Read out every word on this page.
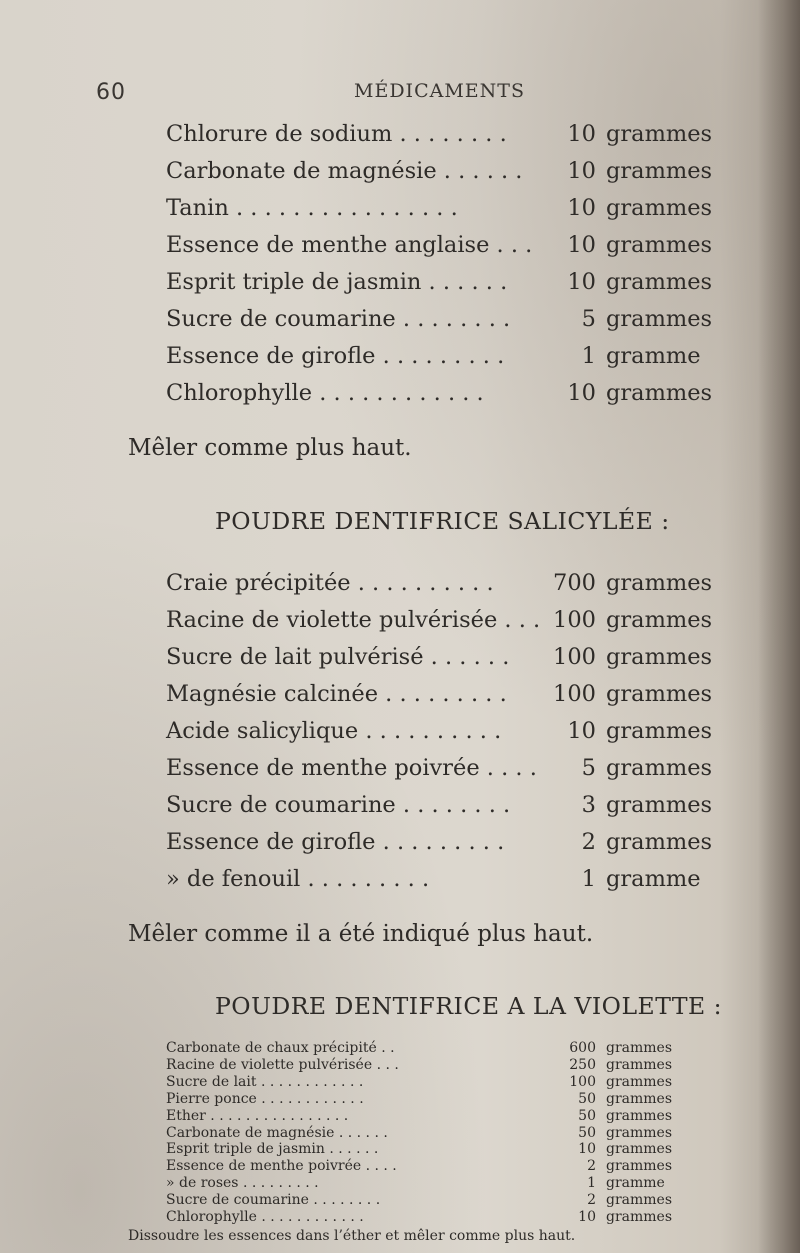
60	MÉDICAMENTS
Chlorure de sodium . . . . . . . .	10 grammes
Carbonate de magnésie . . . . . .	10 grammes
Tanin . . . . . . . . . . . . . . . .	10 grammes
Essence de menthe anglaise . . .	10 grammes
Esprit triple de jasmin . . . . . .	10 grammes
Sucre de coumarine . . . . . . . .	5 grammes
Essence de girofle . . . . . . . . .	1 gramme
Chlorophylle . . . . . . . . . . . .	10 grammes
Mêler comme plus haut.
POUDRE DENTIFRICE SALICYLÉE :
Craie précipitée . . . . . . . . . .	700 grammes
Racine de violette pulvérisée . . . 100 grammes
Sucre de lait pulvérisé . . . . . .	100 grammes
Magnésie calcinée . . . . . . . . .	100 grammes
Acide salicylique . . . . . . . . . .	10 grammes
Essence de menthe poivrée . . . .	5 grammes
Sucre de coumarine . . . . . . . .	3 grammes
Essence de girofle . . . . . . . . .	2 grammes
» de fenouil . . . . . . . . .	1 gramme
Mêler comme il a été indiqué plus haut.
POUDRE DENTIFRICE A LA VIOLETTE :
Carbonate de chaux précipité . .	600 grammes
Racine de violette pulvérisée . . .	250 grammes
Sucre de lait . . . . . . . . . . . .	100 grammes
Pierre ponce . . . . . . . . . . . .	50 grammes
Ether . . . . . . . . . . . . . . . .	50 grammes
Carbonate de magnésie . . . . . .	50 grammes
Esprit triple de jasmin . . . . . .	10 grammes
Essence de menthe poivrée . . . .	2 grammes
» de roses . . . . . . . . .	1 gramme
Sucre de coumarine . . . . . . . .	2 grammes
Chlorophylle . . . . . . . . . . . .	10 grammes
Dissoudre les essences dans l’éther et mêler comme plus haut.
